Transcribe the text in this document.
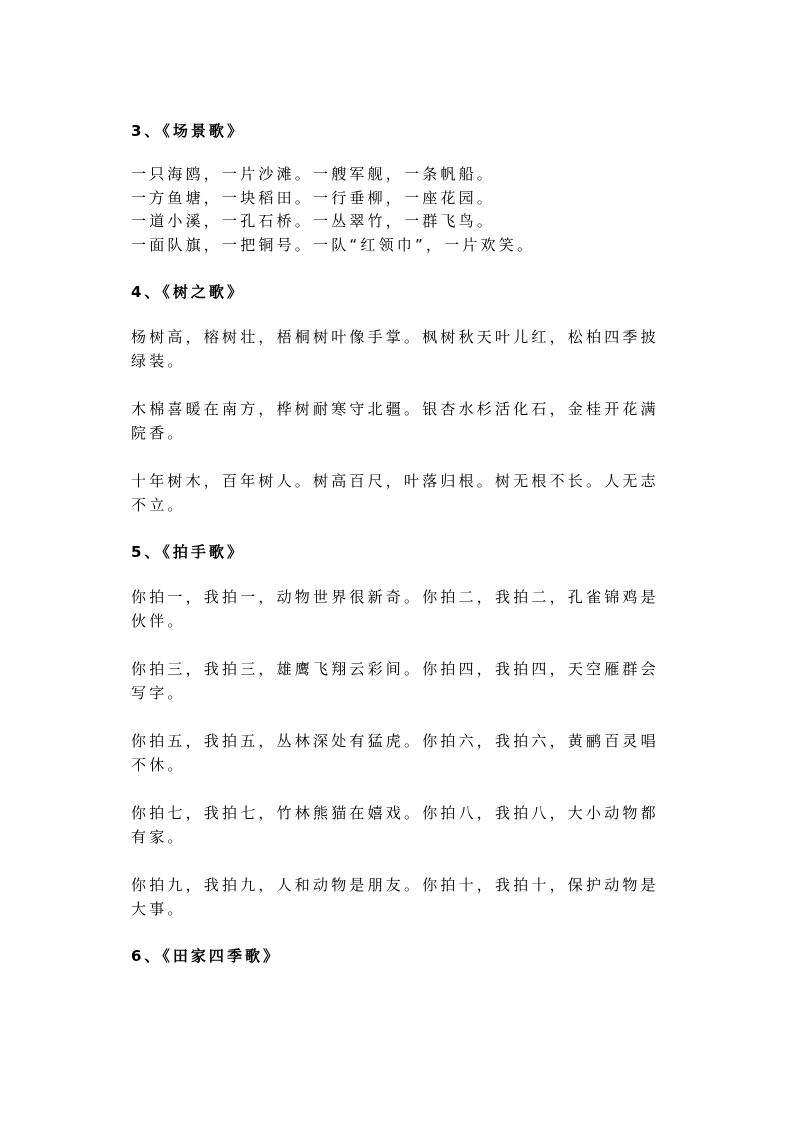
3、《场景歌》

一只海鸥，一片沙滩。一艘军舰，一条帆船。

一方鱼塘，一块稻田。一行垂柳，一座花园。

一道小溪，一孔石桥。一丛翠竹，一群飞鸟。

一面队旗，一把铜号。一队“红领巾”，一片欢笑。

4、《树之歌》

杨树高，榕树壮，梧桐树叶像手掌。枫树秋天叶儿红，松柏四季披绿装。

木棉喜暖在南方，桦树耐寒守北疆。银杏水杉活化石，金桂开花满院香。

十年树木，百年树人。树高百尺，叶落归根。树无根不长。人无志不立。

5、《拍手歌》

你拍一，我拍一，动物世界很新奇。你拍二，我拍二，孔雀锦鸡是伙伴。

你拍三，我拍三，雄鹰飞翔云彩间。你拍四，我拍四，天空雁群会写字。

你拍五，我拍五，丛林深处有猛虎。你拍六，我拍六，黄鹂百灵唱不休。

你拍七，我拍七，竹林熊猫在嬉戏。你拍八，我拍八，大小动物都有家。

你拍九，我拍九，人和动物是朋友。你拍十，我拍十，保护动物是大事。

6、《田家四季歌》
